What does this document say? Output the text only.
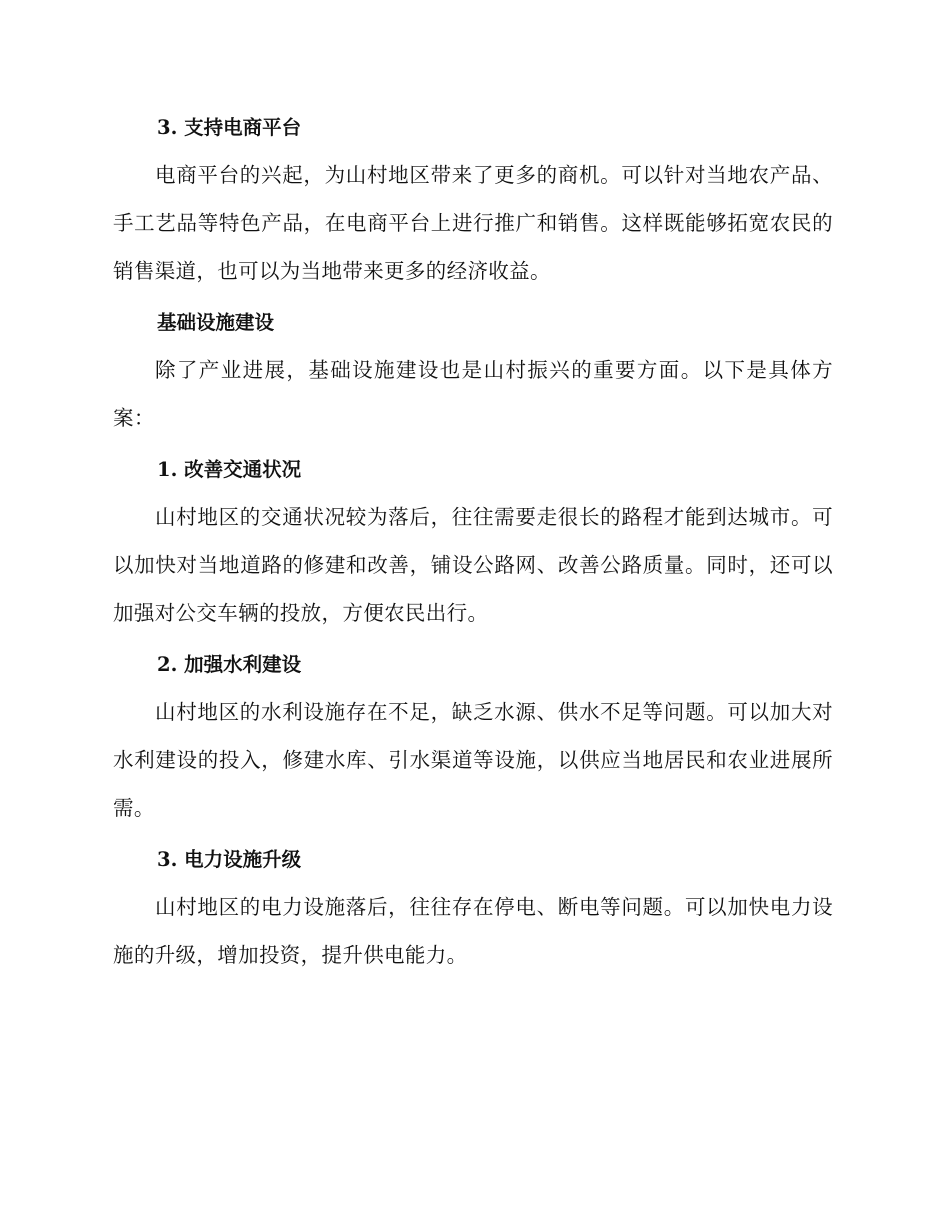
3. 支持电商平台

电商平台的兴起，为山村地区带来了更多的商机。可以针对当地农产品、手工艺品等特色产品，在电商平台上进行推广和销售。这样既能够拓宽农民的销售渠道，也可以为当地带来更多的经济收益。

基础设施建设

除了产业进展，基础设施建设也是山村振兴的重要方面。以下是具体方案：

1. 改善交通状况

山村地区的交通状况较为落后，往往需要走很长的路程才能到达城市。可以加快对当地道路的修建和改善，铺设公路网、改善公路质量。同时，还可以加强对公交车辆的投放，方便农民出行。

2. 加强水利建设

山村地区的水利设施存在不足，缺乏水源、供水不足等问题。可以加大对水利建设的投入，修建水库、引水渠道等设施，以供应当地居民和农业进展所需。

3. 电力设施升级

山村地区的电力设施落后，往往存在停电、断电等问题。可以加快电力设施的升级，增加投资，提升供电能力。
